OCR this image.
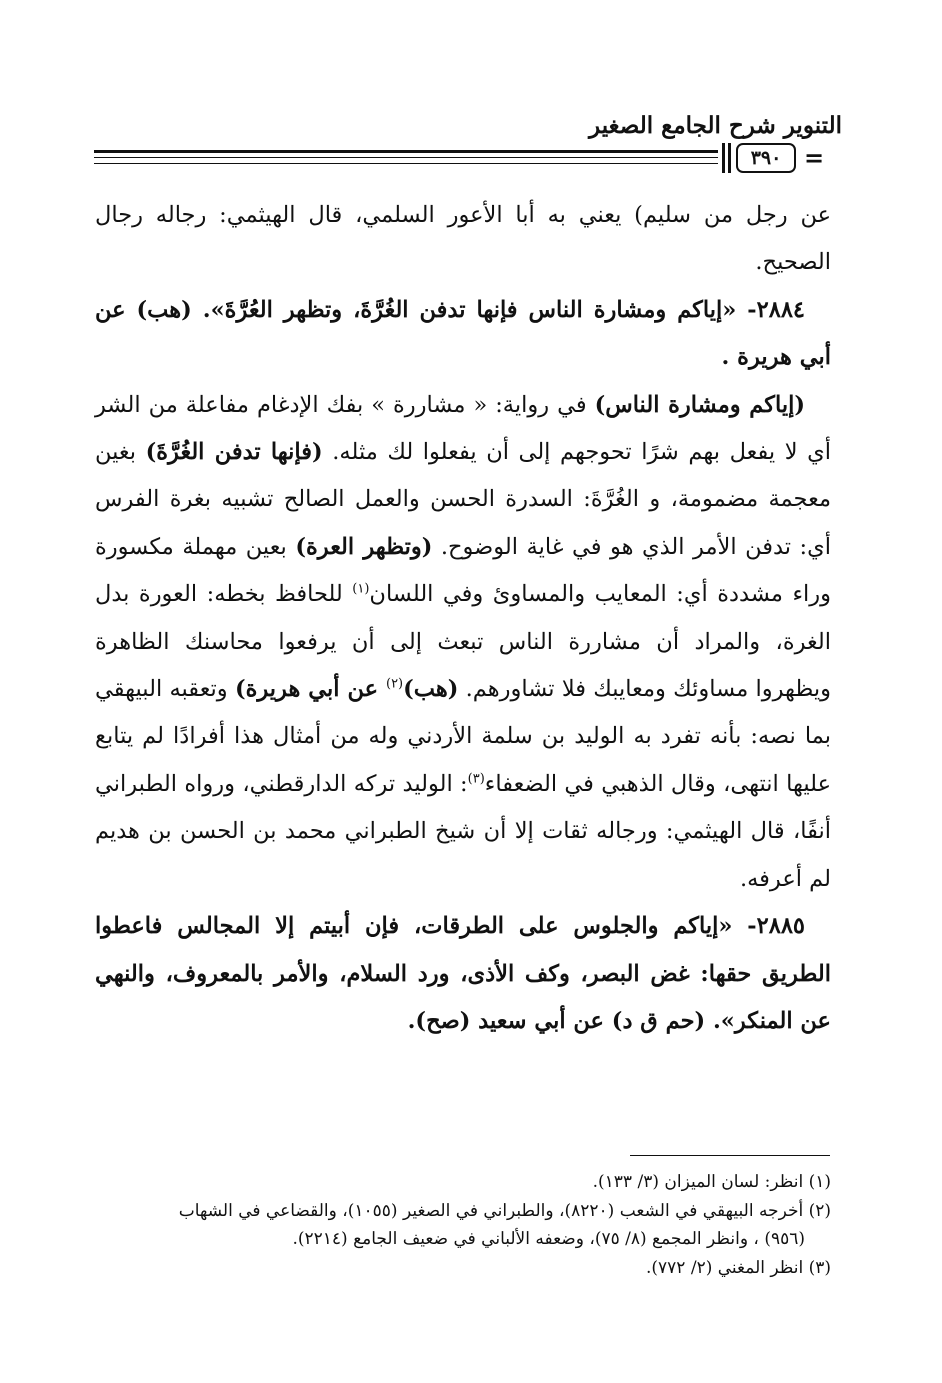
التنوير شرح الجامع الصغير
٣٩٠ =

عن رجل من سليم) يعني به أبا الأعور السلمي، قال الهيثمي: رجاله رجال الصحيح.

٢٨٨٤- «إياكم ومشارة الناس فإنها تدفن الغُرَّةَ، وتظهر العُرَّةَ». (هب) عن أبي هريرة .

(إياكم ومشارة الناس) في رواية: « مشاررة » بفك الإدغام مفاعلة من الشر أي لا يفعل بهم شرًا تحوجهم إلى أن يفعلوا لك مثله. (فإنها تدفن الغُرَّةَ) بغين معجمة مضمومة، و الغُرَّةَ: السدرة الحسن والعمل الصالح تشبيه بغرة الفرس أي: تدفن الأمر الذي هو في غاية الوضوح. (وتظهر العرة) بعين مهملة مكسورة وراء مشددة أي: المعايب والمساوئ وفي اللسان$^{(١)}$ للحافظ بخطه: العورة بدل الغرة، والمراد أن مشاررة الناس تبعث إلى أن يرفعوا محاسنك الظاهرة ويظهروا مساوئك ومعايبك فلا تشاورهم. (هب)$^{(٢)}$ عن أبي هريرة) وتعقبه البيهقي بما نصه: بأنه تفرد به الوليد بن سلمة الأردني وله من أمثال هذا أفرادًا لم يتابع عليها انتهى، وقال الذهبي في الضعفاء$^{(٣)}$: الوليد تركه الدارقطني، ورواه الطبراني أنفًا، قال الهيثمي: ورجاله ثقات إلا أن شيخ الطبراني محمد بن الحسن بن هديم لم أعرفه.

٢٨٨٥- «إياكم والجلوس على الطرقات، فإن أبيتم إلا المجالس فاعطوا الطريق حقها: غض البصر، وكف الأذى، ورد السلام، والأمر بالمعروف، والنهي عن المنكر». (حم ق د) عن أبي سعيد (صح).

(١) انظر: لسان الميزان (٣/ ١٣٣).

(٢) أخرجه البيهقي في الشعب (٨٢٢٠)، والطبراني في الصغير (١٠٥٥)، والقضاعي في الشهاب

(٩٥٦) ، وانظر المجمع (٨/ ٧٥)، وضعفه الألباني في ضعيف الجامع (٢٢١٤).

(٣) انظر المغني (٢/ ٧٧٢).
